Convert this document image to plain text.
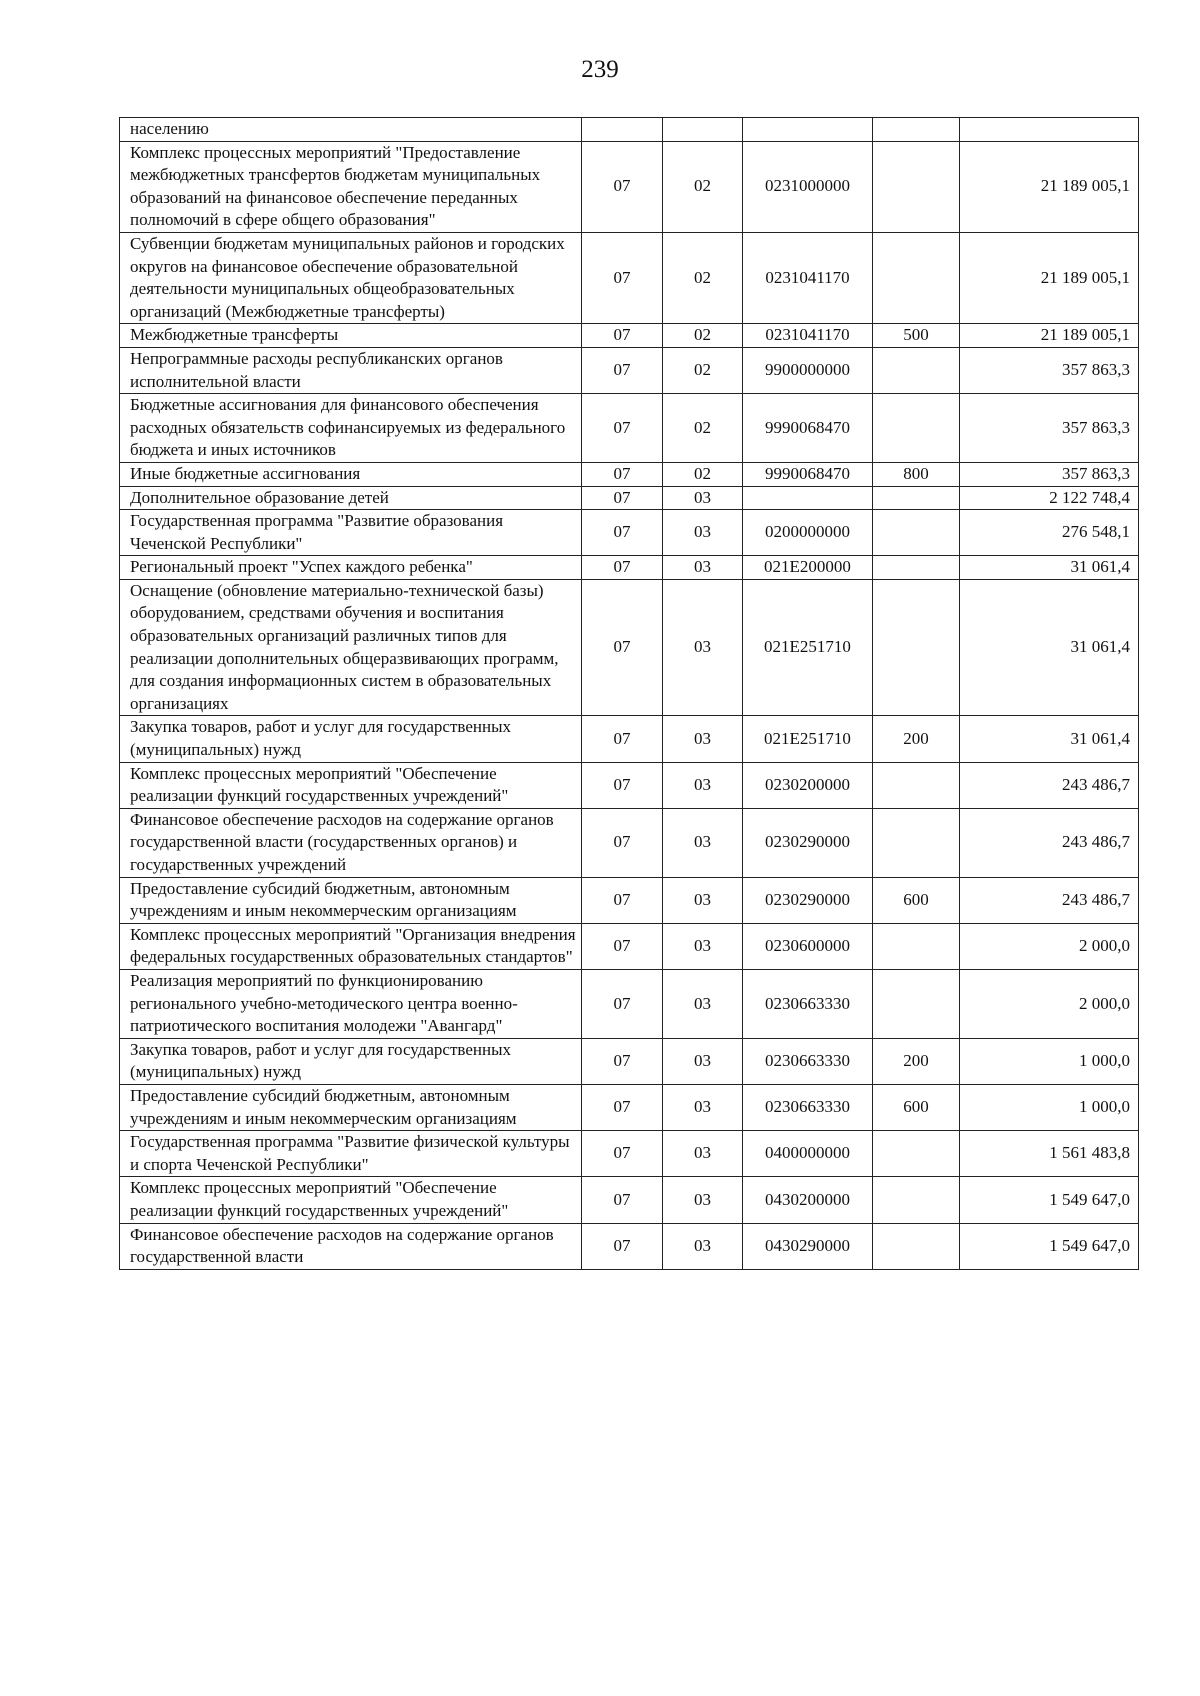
239
населению					
Комплекс процессных мероприятий "Предоставление межбюджетных трансфертов бюджетам муниципальных образований на финансовое обеспечение переданных полномочий в сфере общего образования"	07	02	0231000000		21 189 005,1
Субвенции бюджетам муниципальных районов и городских округов на финансовое обеспечение образовательной деятельности муниципальных общеобразовательных организаций (Межбюджетные трансферты)	07	02	0231041170		21 189 005,1
Межбюджетные трансферты	07	02	0231041170	500	21 189 005,1
Непрограммные расходы республиканских органов исполнительной власти	07	02	9900000000		357 863,3
Бюджетные ассигнования для финансового обеспечения расходных обязательств софинансируемых из федерального бюджета и иных источников	07	02	9990068470		357 863,3
Иные бюджетные ассигнования	07	02	9990068470	800	357 863,3
Дополнительное образование детей	07	03			2 122 748,4
Государственная программа "Развитие образования Чеченской Республики"	07	03	0200000000		276 548,1
Региональный проект "Успех каждого ребенка"	07	03	021E200000		31 061,4
Оснащение (обновление материально-технической базы) оборудованием, средствами обучения и воспитания образовательных организаций различных типов для реализации дополнительных общеразвивающих программ, для создания информационных систем в образовательных организациях	07	03	021E251710		31 061,4
Закупка товаров, работ и услуг для государственных (муниципальных) нужд	07	03	021E251710	200	31 061,4
Комплекс процессных мероприятий "Обеспечение реализации функций государственных учреждений"	07	03	0230200000		243 486,7
Финансовое обеспечение расходов на содержание органов государственной власти (государственных органов) и государственных учреждений	07	03	0230290000		243 486,7
Предоставление субсидий бюджетным, автономным учреждениям и иным некоммерческим организациям	07	03	0230290000	600	243 486,7
Комплекс процессных мероприятий "Организация внедрения федеральных государственных образовательных стандартов"	07	03	0230600000		2 000,0
Реализация мероприятий по функционированию регионального учебно-методического центра военно-патриотического воспитания молодежи "Авангард"	07	03	0230663330		2 000,0
Закупка товаров, работ и услуг для государственных (муниципальных) нужд	07	03	0230663330	200	1 000,0
Предоставление субсидий бюджетным, автономным учреждениям и иным некоммерческим организациям	07	03	0230663330	600	1 000,0
Государственная программа "Развитие физической культуры и спорта Чеченской Республики"	07	03	0400000000		1 561 483,8
Комплекс процессных мероприятий "Обеспечение реализации функций государственных учреждений"	07	03	0430200000		1 549 647,0
Финансовое обеспечение расходов на содержание органов государственной власти	07	03	0430290000		1 549 647,0
